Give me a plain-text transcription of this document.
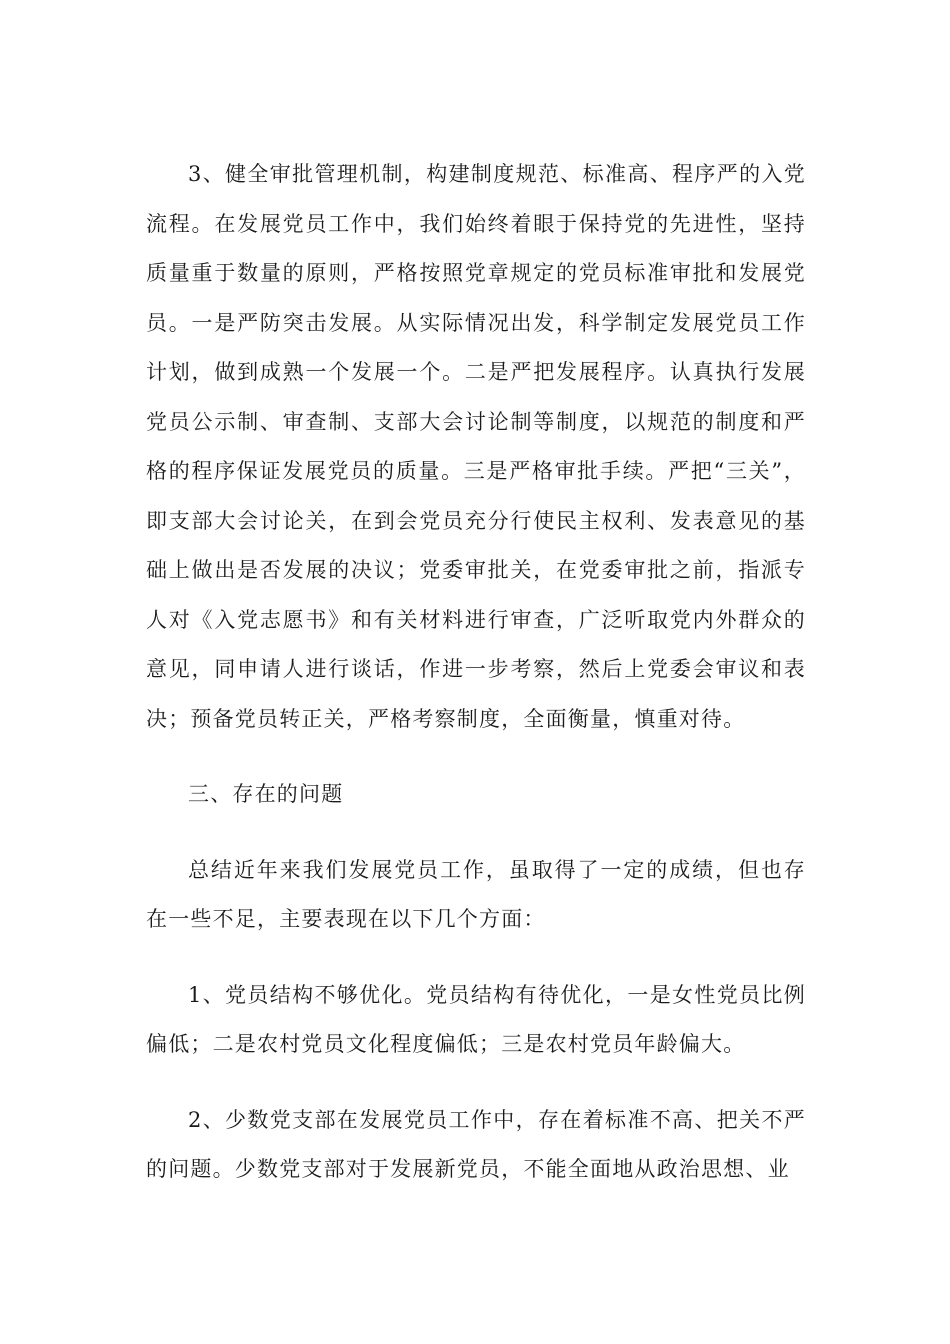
3、健全审批管理机制，构建制度规范、标准高、程序严的入党流程。在发展党员工作中，我们始终着眼于保持党的先进性，坚持质量重于数量的原则，严格按照党章规定的党员标准审批和发展党员。一是严防突击发展。从实际情况出发，科学制定发展党员工作计划，做到成熟一个发展一个。二是严把发展程序。认真执行发展党员公示制、审查制、支部大会讨论制等制度，以规范的制度和严格的程序保证发展党员的质量。三是严格审批手续。严把“三关”，即支部大会讨论关，在到会党员充分行使民主权利、发表意见的基础上做出是否发展的决议；党委审批关，在党委审批之前，指派专人对《入党志愿书》和有关材料进行审查，广泛听取党内外群众的意见，同申请人进行谈话，作进一步考察，然后上党委会审议和表决；预备党员转正关，严格考察制度，全面衡量，慎重对待。

三、存在的问题

总结近年来我们发展党员工作，虽取得了一定的成绩，但也存在一些不足，主要表现在以下几个方面：

1、党员结构不够优化。党员结构有待优化，一是女性党员比例偏低；二是农村党员文化程度偏低；三是农村党员年龄偏大。

2、少数党支部在发展党员工作中，存在着标准不高、把关不严的问题。少数党支部对于发展新党员，不能全面地从政治思想、业
